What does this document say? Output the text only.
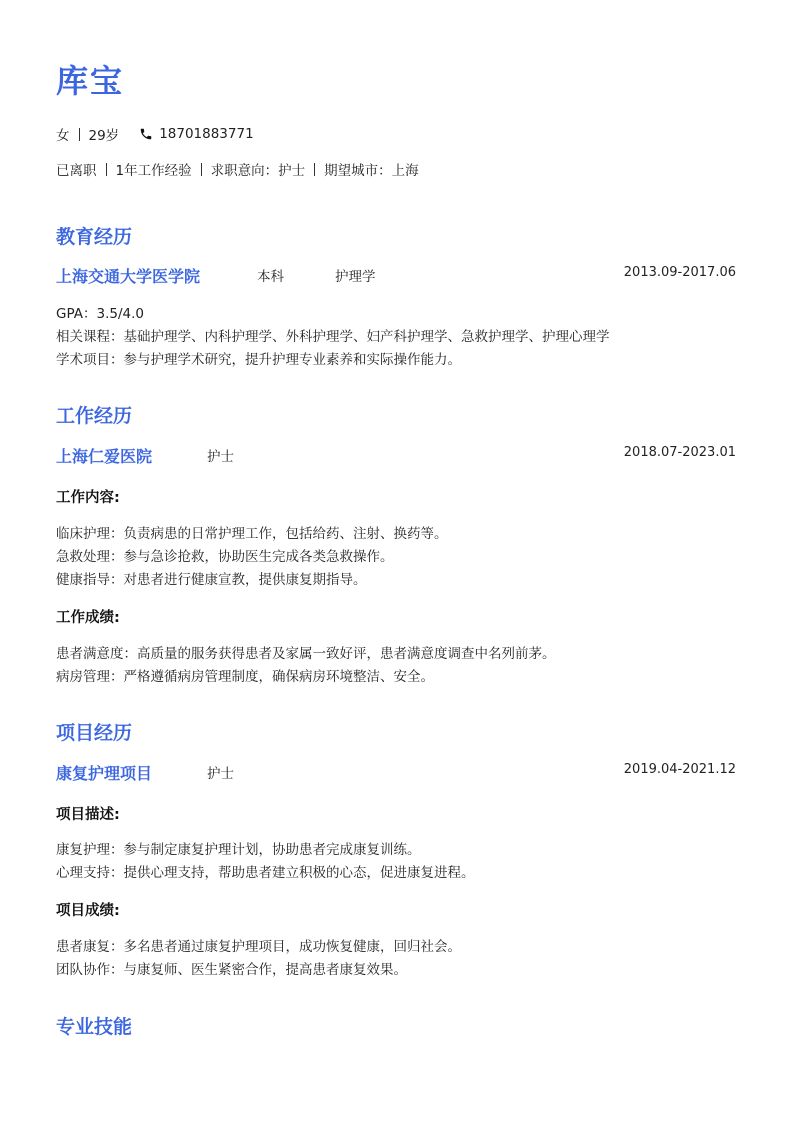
库宝
女 29岁	18701883771
已离职 1年工作经验 求职意向：护士 期望城市：上海
教育经历
上海交通大学医学院	本科	护理学	2013.09-2017.06
GPA：3.5/4.0
相关课程：基础护理学、内科护理学、外科护理学、妇产科护理学、急救护理学、护理心理学
学术项目：参与护理学术研究，提升护理专业素养和实际操作能力。
工作经历
上海仁爱医院	护士	2018.07-2023.01
工作内容:
临床护理：负责病患的日常护理工作，包括给药、注射、换药等。
急救处理：参与急诊抢救，协助医生完成各类急救操作。
健康指导：对患者进行健康宣教，提供康复期指导。
工作成绩:
患者满意度：高质量的服务获得患者及家属一致好评，患者满意度调查中名列前茅。
病房管理：严格遵循病房管理制度，确保病房环境整洁、安全。
项目经历
康复护理项目	护士	2019.04-2021.12
项目描述:
康复护理：参与制定康复护理计划，协助患者完成康复训练。
心理支持：提供心理支持，帮助患者建立积极的心态，促进康复进程。
项目成绩:
患者康复：多名患者通过康复护理项目，成功恢复健康，回归社会。
团队协作：与康复师、医生紧密合作，提高患者康复效果。
专业技能
